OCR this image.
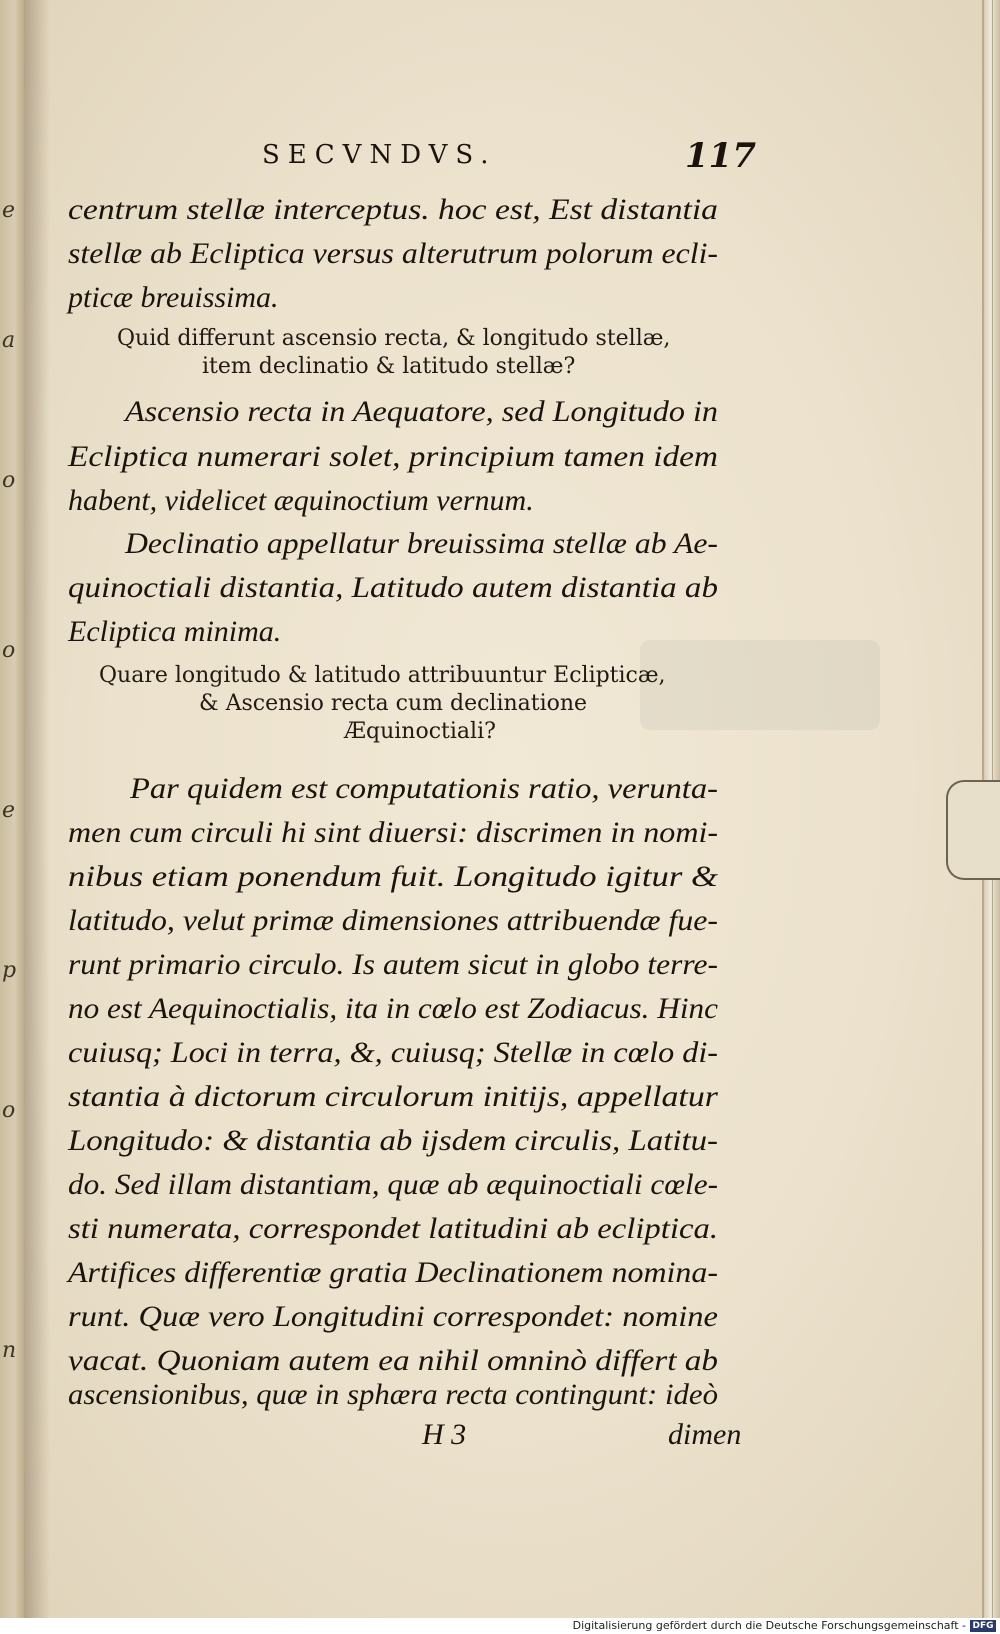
e
a
o
o
e
p
o
n
SECVNDVS.	117
centrum stellæ interceptus. hoc est, Est distantia
stellæ ab Ecliptica versus alterutrum polorum ecli-
pticæ breuissima.
Quid differunt ascensio recta, & longitudo stellæ,
item declinatio & latitudo stellæ?
Ascensio recta in Aequatore, sed Longitudo in
Ecliptica numerari solet, principium tamen idem
habent, videlicet æquinoctium vernum.
Declinatio appellatur breuissima stellæ ab Ae-
quinoctiali distantia, Latitudo autem distantia ab
Ecliptica minima.
Quare longitudo & latitudo attribuuntur Eclipticæ,
& Ascensio recta cum declinatione
Æquinoctiali?
Par quidem est computationis ratio, veruntа-
men cum circuli hi sint diuersi: discrimen in nomi-
nibus etiam ponendum fuit. Longitudo igitur &
latitudo, velut primæ dimensiones attribuendæ fue-
runt primario circulo. Is autem sicut in globo terre-
no est Aequinoctialis, ita in cœlo est Zodiacus. Hinc
cuiusq; Loci in terra, &, cuiusq; Stellæ in cœlo di-
stantia à dictorum circulorum initijs, appellatur
Longitudo: & distantia ab ijsdem circulis, Latitu-
do. Sed illam distantiam, quæ ab æquinoctiali cœle-
sti numerata, correspondet latitudini ab ecliptica.
Artifices differentiæ gratia Declinationem nomina-
runt. Quæ vero Longitudini correspondet: nomine
vacat. Quoniam autem ea nihil omninò differt ab
ascensionibus, quæ in sphæra recta contingunt: ideò
H 3	dimen
Digitalisierung gefördert durch die Deutsche Forschungsgemeinschaft - DFG
